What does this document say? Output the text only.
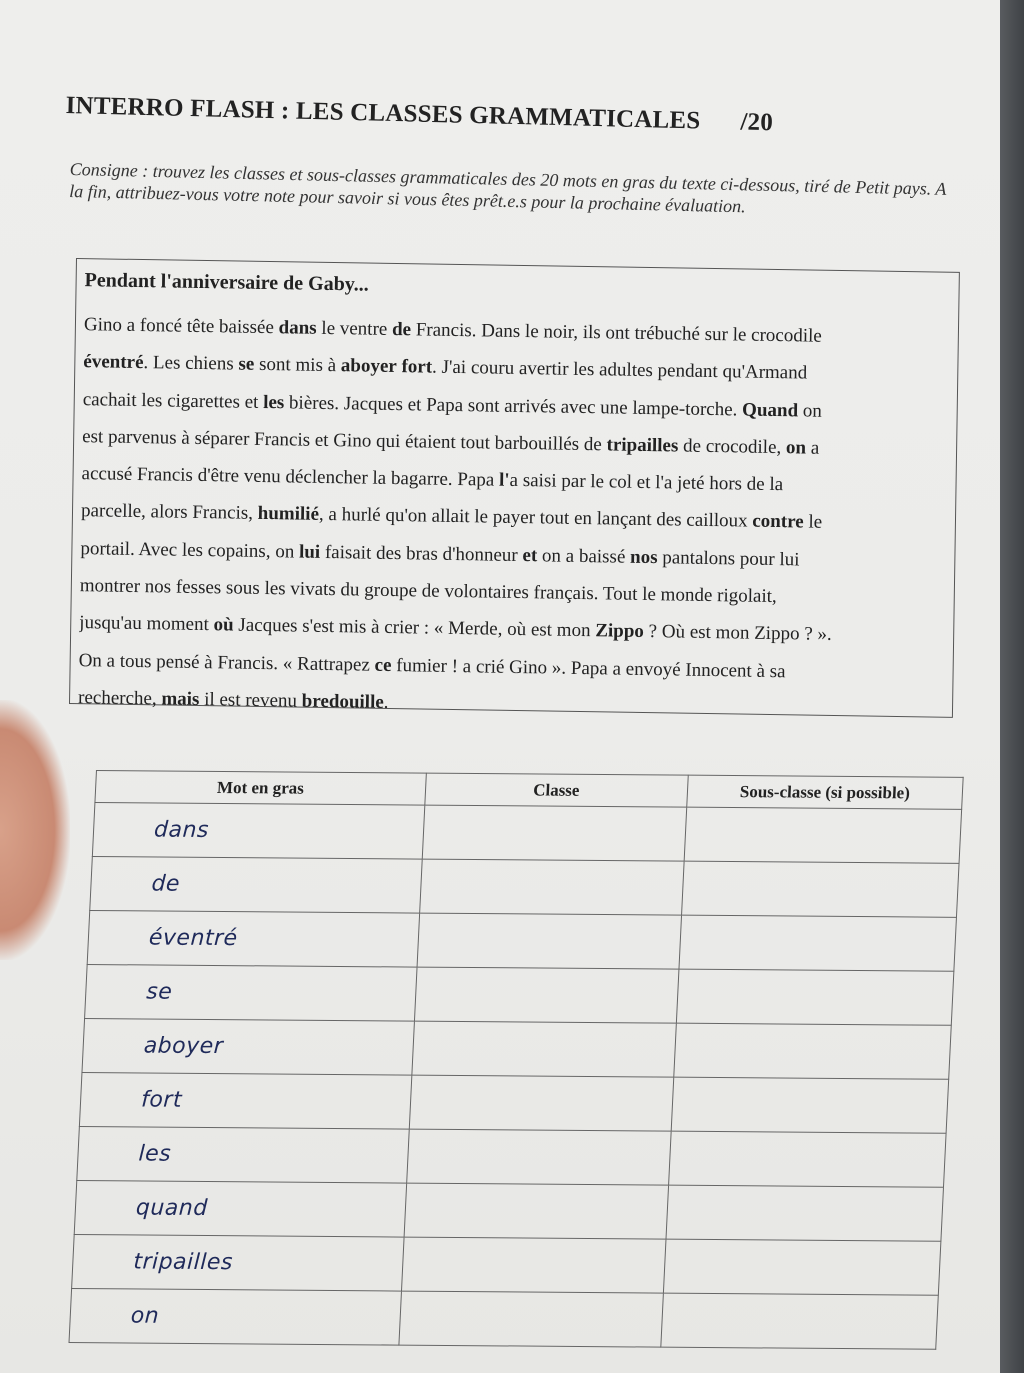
INTERRO FLASH : LES CLASSES GRAMMATICALES /20
Consigne : trouvez les classes et sous-classes grammaticales des 20 mots en gras du texte ci-dessous, tiré de Petit pays. A la fin, attribuez-vous votre note pour savoir si vous êtes prêt.e.s pour la prochaine évaluation.
Pendant l'anniversaire de Gaby...
Gino a foncé tête baissée dans le ventre de Francis. Dans le noir, ils ont trébuché sur le crocodile
éventré. Les chiens se sont mis à aboyer fort. J'ai couru avertir les adultes pendant qu'Armand
cachait les cigarettes et les bières. Jacques et Papa sont arrivés avec une lampe-torche. Quand on
est parvenus à séparer Francis et Gino qui étaient tout barbouillés de tripailles de crocodile, on a
accusé Francis d'être venu déclencher la bagarre. Papa l'a saisi par le col et l'a jeté hors de la
parcelle, alors Francis, humilié, a hurlé qu'on allait le payer tout en lançant des cailloux contre le
portail. Avec les copains, on lui faisait des bras d'honneur et on a baissé nos pantalons pour lui
montrer nos fesses sous les vivats du groupe de volontaires français. Tout le monde rigolait,
jusqu'au moment où Jacques s'est mis à crier : « Merde, où est mon Zippo ? Où est mon Zippo ? ».
On a tous pensé à Francis. « Rattrapez ce fumier ! a crié Gino ». Papa a envoyé Innocent à sa
recherche, mais il est revenu bredouille.
Mot en gras	Classe	Sous-classe (si possible)
dans		
de		
éventré		
se		
aboyer		
fort		
les		
quand		
tripailles		
on		
